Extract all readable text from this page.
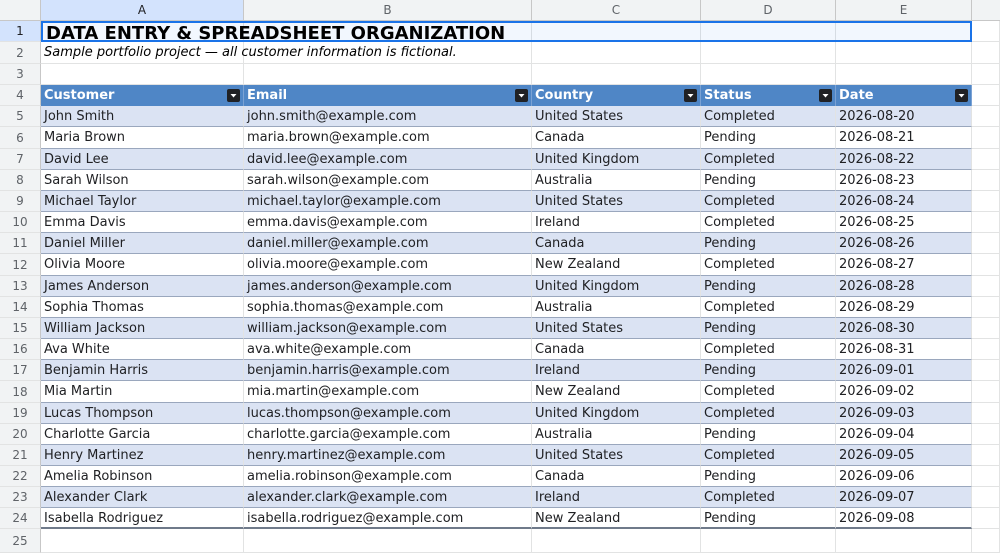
A	B	C	D	E
1
2
3
4
5
6
7
8
9
10
11
12
13
14
15
16
17
18
19
20
21
22
23
24
25
DATA ENTRY & SPREADSHEET ORGANIZATION
Sample portfolio project — all customer information is fictional.
Customer	Email	Country	Status	Date
John Smith	john.smith@example.com	United States	Completed	2026-08-20
Maria Brown	maria.brown@example.com	Canada	Pending	2026-08-21
David Lee	david.lee@example.com	United Kingdom	Completed	2026-08-22
Sarah Wilson	sarah.wilson@example.com	Australia	Pending	2026-08-23
Michael Taylor	michael.taylor@example.com	United States	Completed	2026-08-24
Emma Davis	emma.davis@example.com	Ireland	Completed	2026-08-25
Daniel Miller	daniel.miller@example.com	Canada	Pending	2026-08-26
Olivia Moore	olivia.moore@example.com	New Zealand	Completed	2026-08-27
James Anderson	james.anderson@example.com	United Kingdom	Pending	2026-08-28
Sophia Thomas	sophia.thomas@example.com	Australia	Completed	2026-08-29
William Jackson	william.jackson@example.com	United States	Pending	2026-08-30
Ava White	ava.white@example.com	Canada	Completed	2026-08-31
Benjamin Harris	benjamin.harris@example.com	Ireland	Pending	2026-09-01
Mia Martin	mia.martin@example.com	New Zealand	Completed	2026-09-02
Lucas Thompson	lucas.thompson@example.com	United Kingdom	Completed	2026-09-03
Charlotte Garcia	charlotte.garcia@example.com	Australia	Pending	2026-09-04
Henry Martinez	henry.martinez@example.com	United States	Completed	2026-09-05
Amelia Robinson	amelia.robinson@example.com	Canada	Pending	2026-09-06
Alexander Clark	alexander.clark@example.com	Ireland	Completed	2026-09-07
Isabella Rodriguez	isabella.rodriguez@example.com	New Zealand	Pending	2026-09-08
